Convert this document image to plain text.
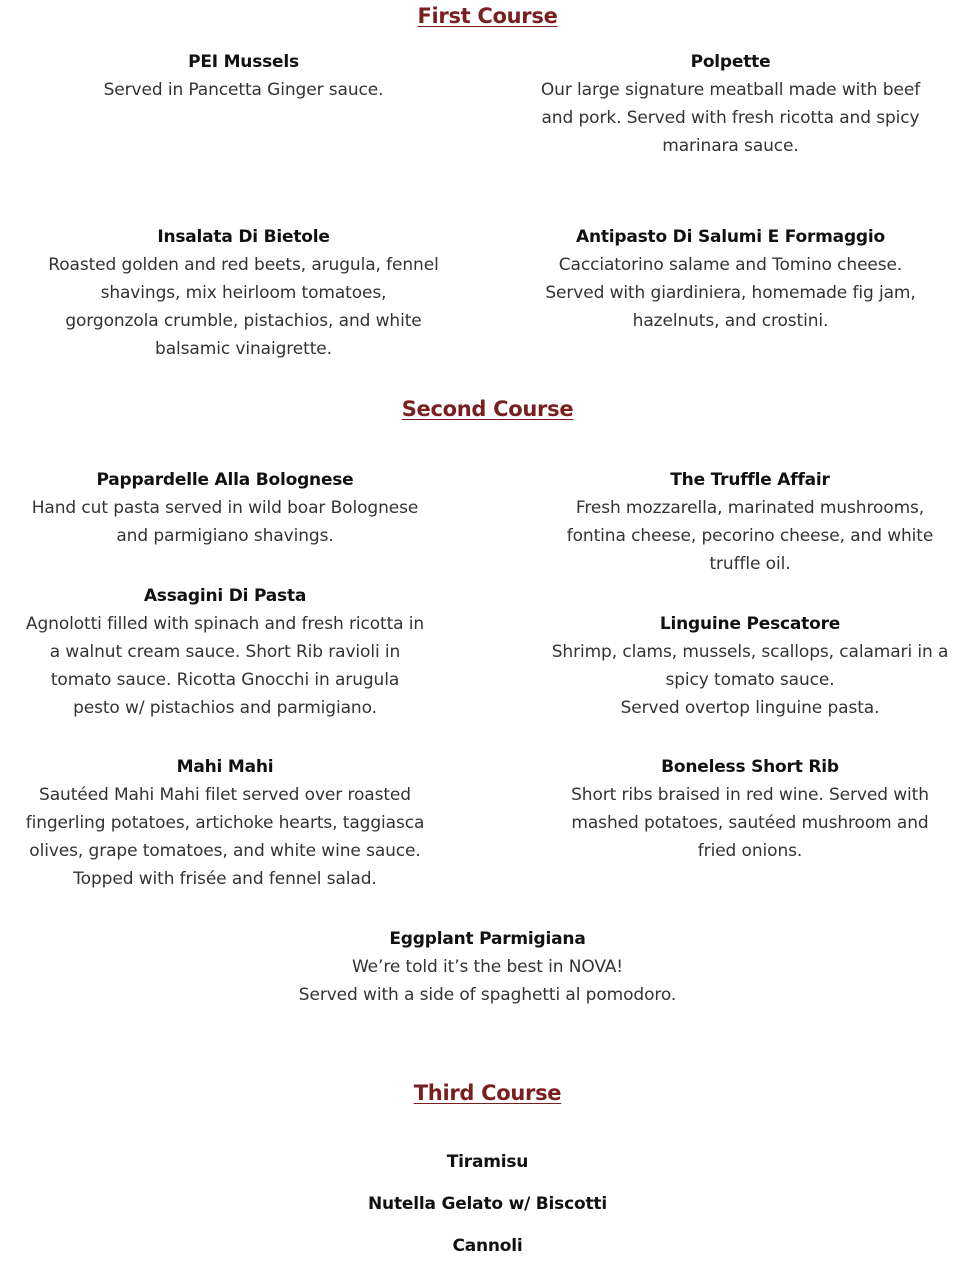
First Course
PEI Mussels
Served in Pancetta Ginger sauce.
Polpette
Our large signature meatball made with beef
and pork. Served with fresh ricotta and spicy
marinara sauce.
Insalata Di Bietole
Roasted golden and red beets, arugula, fennel
shavings, mix heirloom tomatoes,
gorgonzola crumble, pistachios, and white
balsamic vinaigrette.
Antipasto Di Salumi E Formaggio
Cacciatorino salame and Tomino cheese.
Served with giardiniera, homemade fig jam,
hazelnuts, and crostini.
Second Course
Pappardelle Alla Bolognese
Hand cut pasta served in wild boar Bolognese
and parmigiano shavings.
The Truffle Affair
Fresh mozzarella, marinated mushrooms,
fontina cheese, pecorino cheese, and white
truffle oil.
Assagini Di Pasta
Agnolotti filled with spinach and fresh ricotta in
a walnut cream sauce. Short Rib ravioli in
tomato sauce. Ricotta Gnocchi in arugula
pesto w/ pistachios and parmigiano.
Linguine Pescatore
Shrimp, clams, mussels, scallops, calamari in a
spicy tomato sauce.
Served overtop linguine pasta.
Mahi Mahi
Sautéed Mahi Mahi filet served over roasted
fingerling potatoes, artichoke hearts, taggiasca
olives, grape tomatoes, and white wine sauce.
Topped with frisée and fennel salad.
Boneless Short Rib
Short ribs braised in red wine. Served with
mashed potatoes, sautéed mushroom and
fried onions.
Eggplant Parmigiana
We’re told it’s the best in NOVA!
Served with a side of spaghetti al pomodoro.
Third Course
Tiramisu
Nutella Gelato w/ Biscotti
Cannoli
